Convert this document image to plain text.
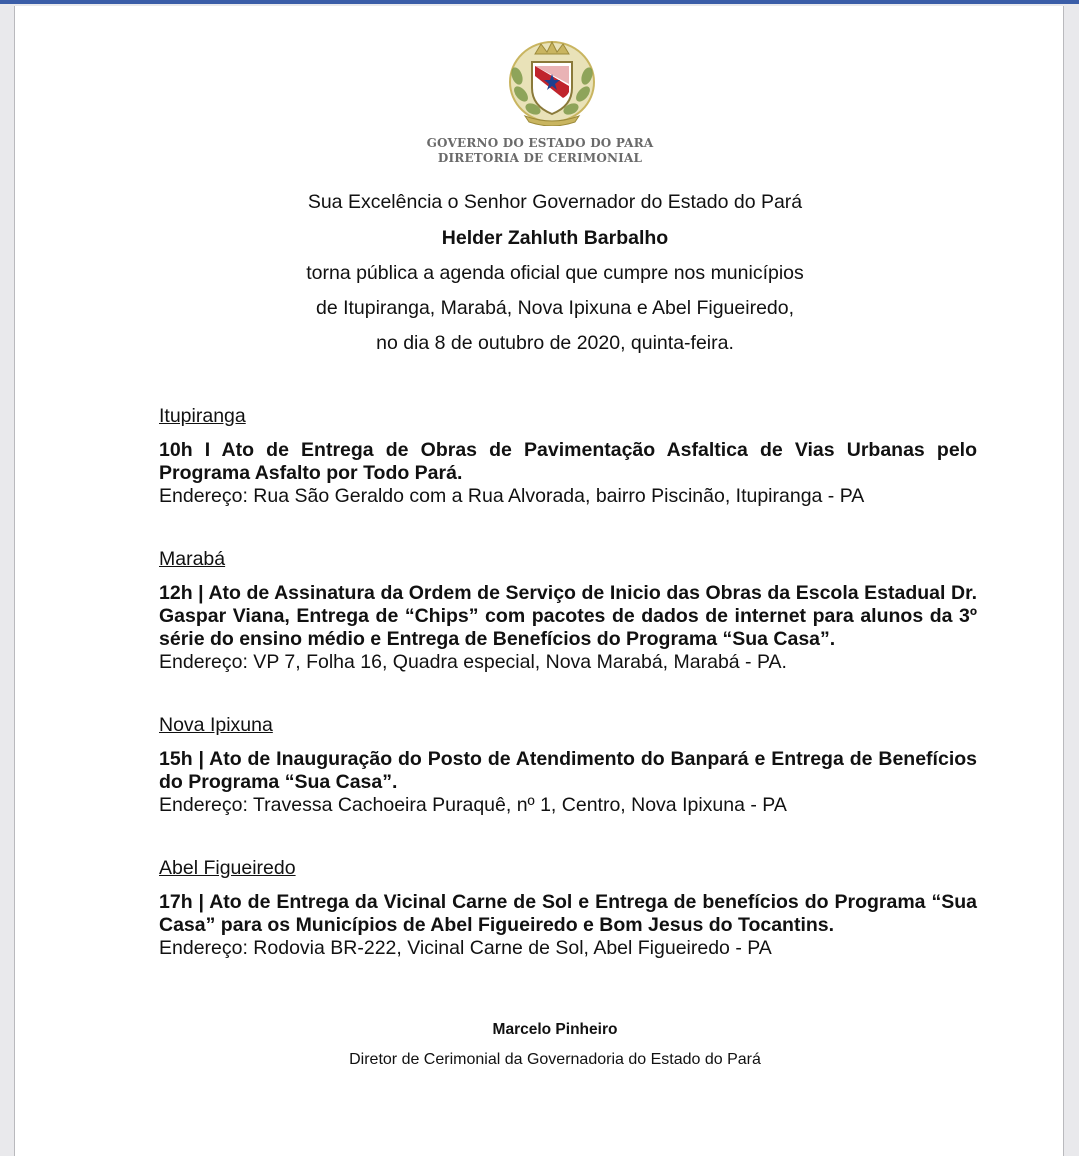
GOVERNO DO ESTADO DO PARA
DIRETORIA DE CERIMONIAL
Sua Excelência o Senhor Governador do Estado do Pará
Helder Zahluth Barbalho
torna pública a agenda oficial que cumpre nos municípios
de Itupiranga, Marabá, Nova Ipixuna e Abel Figueiredo,
no dia 8 de outubro de 2020, quinta-feira.
Itupiranga
10h I Ato de Entrega de Obras de Pavimentação Asfaltica de Vias Urbanas pelo Programa Asfalto por Todo Pará.
Endereço: Rua São Geraldo com a Rua Alvorada, bairro Piscinão, Itupiranga - PA
Marabá
12h | Ato de Assinatura da Ordem de Serviço de Inicio das Obras da Escola Estadual Dr. Gaspar Viana, Entrega de “Chips” com pacotes de dados de internet para alunos da 3º série do ensino médio e Entrega de Benefícios do Programa “Sua Casa”.
Endereço: VP 7, Folha 16, Quadra especial, Nova Marabá, Marabá - PA.
Nova Ipixuna
15h | Ato de Inauguração do Posto de Atendimento do Banpará e Entrega de Benefícios do Programa “Sua Casa”.
Endereço: Travessa Cachoeira Puraquê, nº 1, Centro, Nova Ipixuna - PA
Abel Figueiredo
17h | Ato de Entrega da Vicinal Carne de Sol e Entrega de benefícios do Programa “Sua Casa” para os Municípios de Abel Figueiredo e Bom Jesus do Tocantins.
Endereço: Rodovia BR-222, Vicinal Carne de Sol, Abel Figueiredo - PA
Marcelo Pinheiro
Diretor de Cerimonial da Governadoria do Estado do Pará
